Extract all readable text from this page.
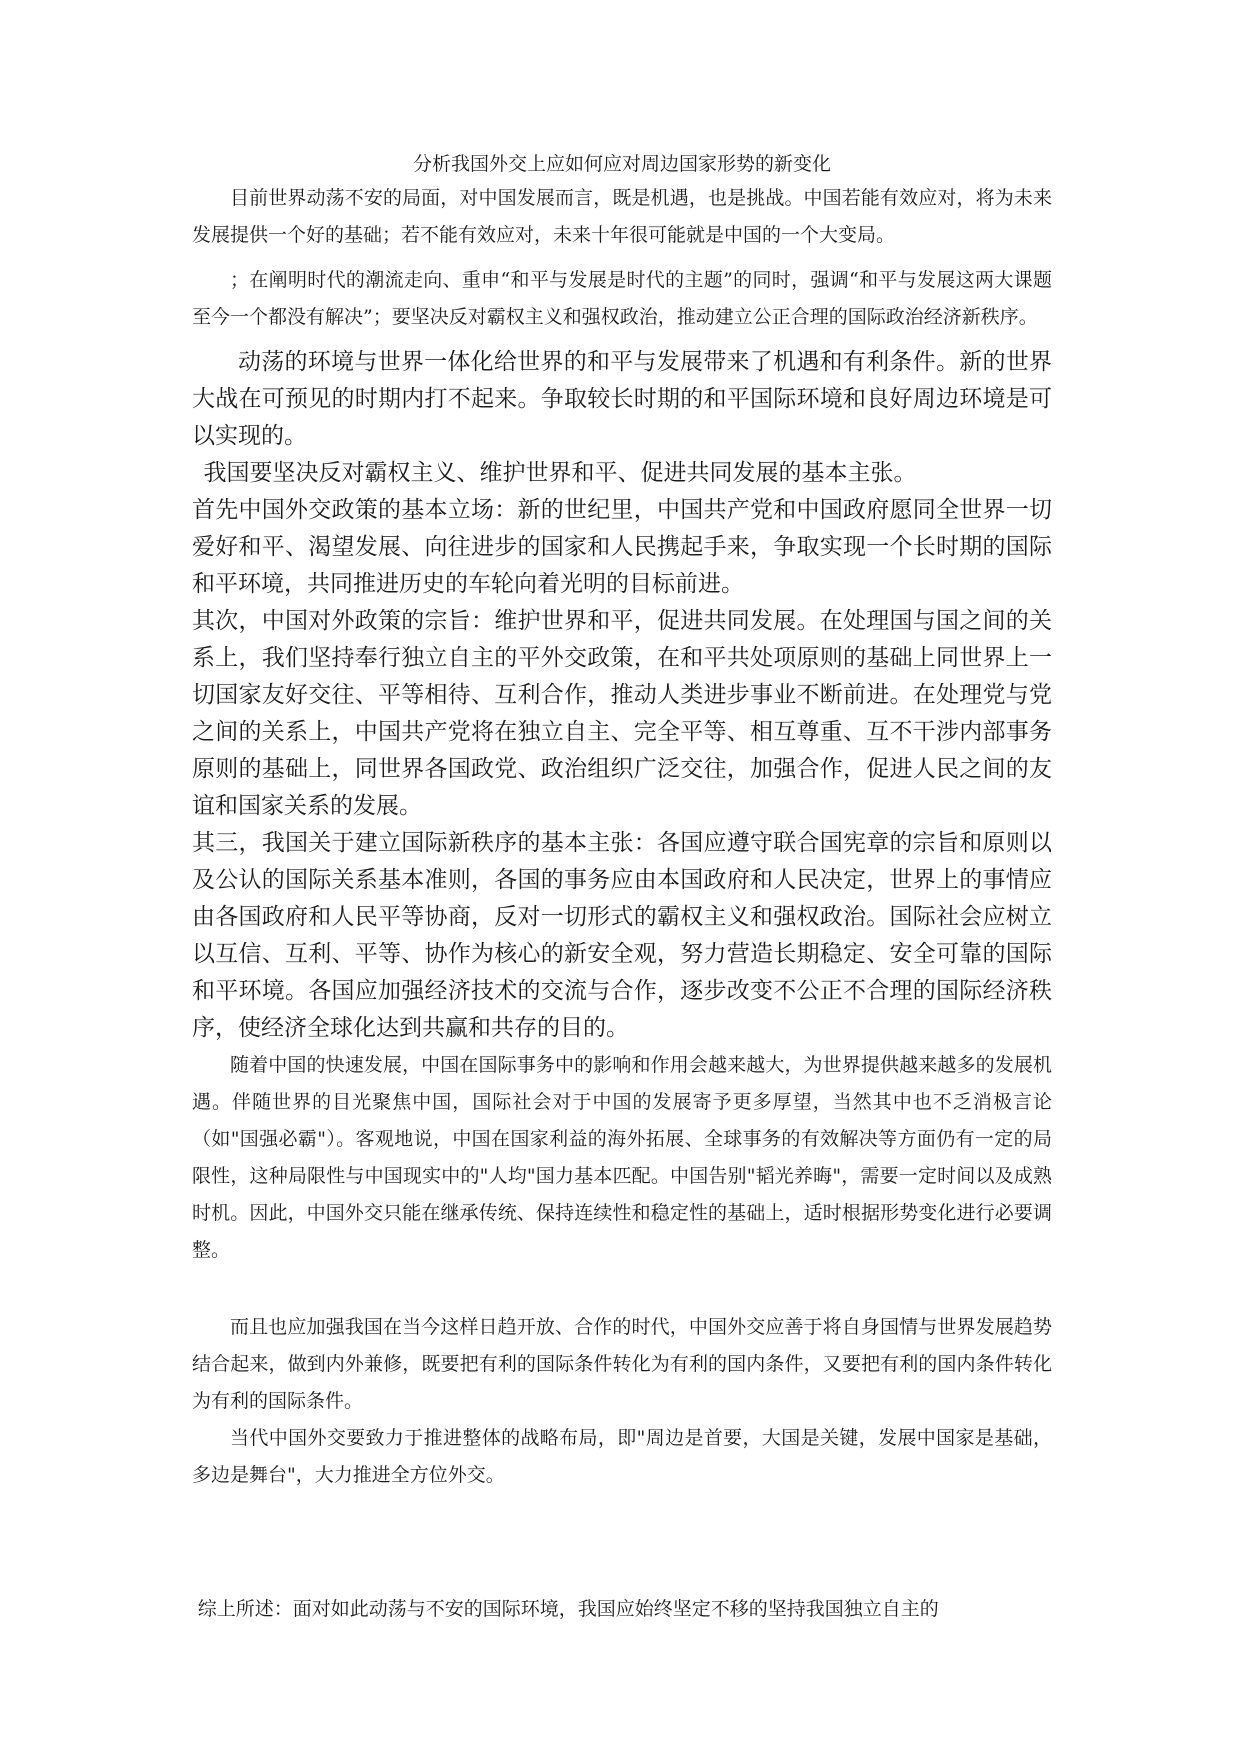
分析我国外交上应如何应对周边国家形势的新变化

目前世界动荡不安的局面，对中国发展而言，既是机遇，也是挑战。中国若能有效应对，将为未来发展提供一个好的基础；若不能有效应对，未来十年很可能就是中国的一个大变局。

；在阐明时代的潮流走向、重申“和平与发展是时代的主题”的同时，强调“和平与发展这两大课题至今一个都没有解决”；要坚决反对霸权主义和强权政治，推动建立公正合理的国际政治经济新秩序。

动荡的环境与世界一体化给世界的和平与发展带来了机遇和有利条件。新的世界大战在可预见的时期内打不起来。争取较长时期的和平国际环境和良好周边环境是可以实现的。

我国要坚决反对霸权主义、维护世界和平、促进共同发展的基本主张。

首先中国外交政策的基本立场：新的世纪里，中国共产党和中国政府愿同全世界一切爱好和平、渴望发展、向往进步的国家和人民携起手来，争取实现一个长时期的国际和平环境，共同推进历史的车轮向着光明的目标前进。

其次，中国对外政策的宗旨：维护世界和平，促进共同发展。在处理国与国之间的关系上，我们坚持奉行独立自主的平外交政策，在和平共处项原则的基础上同世界上一切国家友好交往、平等相待、互利合作，推动人类进步事业不断前进。在处理党与党之间的关系上，中国共产党将在独立自主、完全平等、相互尊重、互不干涉内部事务原则的基础上，同世界各国政党、政治组织广泛交往，加强合作，促进人民之间的友谊和国家关系的发展。

其三，我国关于建立国际新秩序的基本主张：各国应遵守联合国宪章的宗旨和原则以及公认的国际关系基本准则，各国的事务应由本国政府和人民决定，世界上的事情应由各国政府和人民平等协商，反对一切形式的霸权主义和强权政治。国际社会应树立以互信、互利、平等、协作为核心的新安全观，努力营造长期稳定、安全可靠的国际和平环境。各国应加强经济技术的交流与合作，逐步改变不公正不合理的国际经济秩序，使经济全球化达到共赢和共存的目的。

随着中国的快速发展，中国在国际事务中的影响和作用会越来越大，为世界提供越来越多的发展机遇。伴随世界的目光聚焦中国，国际社会对于中国的发展寄予更多厚望，当然其中也不乏消极言论（如"国强必霸"）。客观地说，中国在国家利益的海外拓展、全球事务的有效解决等方面仍有一定的局限性，这种局限性与中国现实中的"人均"国力基本匹配。中国告别"韬光养晦"，需要一定时间以及成熟时机。因此，中国外交只能在继承传统、保持连续性和稳定性的基础上，适时根据形势变化进行必要调整。

而且也应加强我国在当今这样日趋开放、合作的时代，中国外交应善于将自身国情与世界发展趋势结合起来，做到内外兼修，既要把有利的国际条件转化为有利的国内条件，又要把有利的国内条件转化为有利的国际条件。

当代中国外交要致力于推进整体的战略布局，即"周边是首要，大国是关键，发展中国家是基础，多边是舞台"，大力推进全方位外交。

综上所述：面对如此动荡与不安的国际环境，我国应始终坚定不移的坚持我国独立自主的
